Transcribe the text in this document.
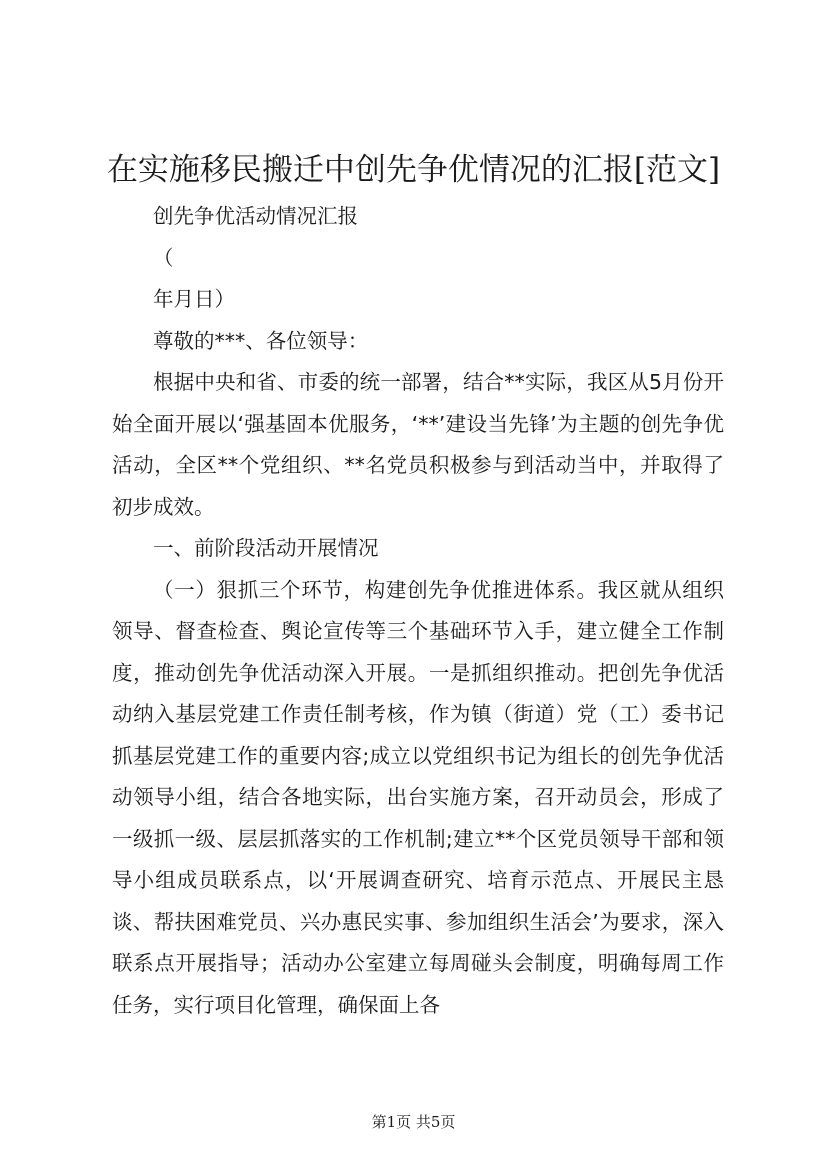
在实施移民搬迁中创先争优情况的汇报[范文]

创先争优活动情况汇报

（

年月日）

尊敬的***、各位领导：

根据中央和省、市委的统一部署，结合**实际，我区从5月份开始全面开展以‘强基固本优服务，‘**’建设当先锋’为主题的创先争优活动，全区**个党组织、**名党员积极参与到活动当中，并取得了初步成效。

一、前阶段活动开展情况

（一）狠抓三个环节，构建创先争优推进体系。我区就从组织领导、督查检查、舆论宣传等三个基础环节入手，建立健全工作制度，推动创先争优活动深入开展。一是抓组织推动。把创先争优活动纳入基层党建工作责任制考核，作为镇（街道）党（工）委书记抓基层党建工作的重要内容;成立以党组织书记为组长的创先争优活动领导小组，结合各地实际，出台实施方案，召开动员会，形成了一级抓一级、层层抓落实的工作机制;建立**个区党员领导干部和领导小组成员联系点，以‘开展调查研究、培育示范点、开展民主恳谈、帮扶困难党员、兴办惠民实事、参加组织生活会’为要求，深入联系点开展指导；活动办公室建立每周碰头会制度，明确每周工作任务，实行项目化管理，确保面上各

第1页 共5页
